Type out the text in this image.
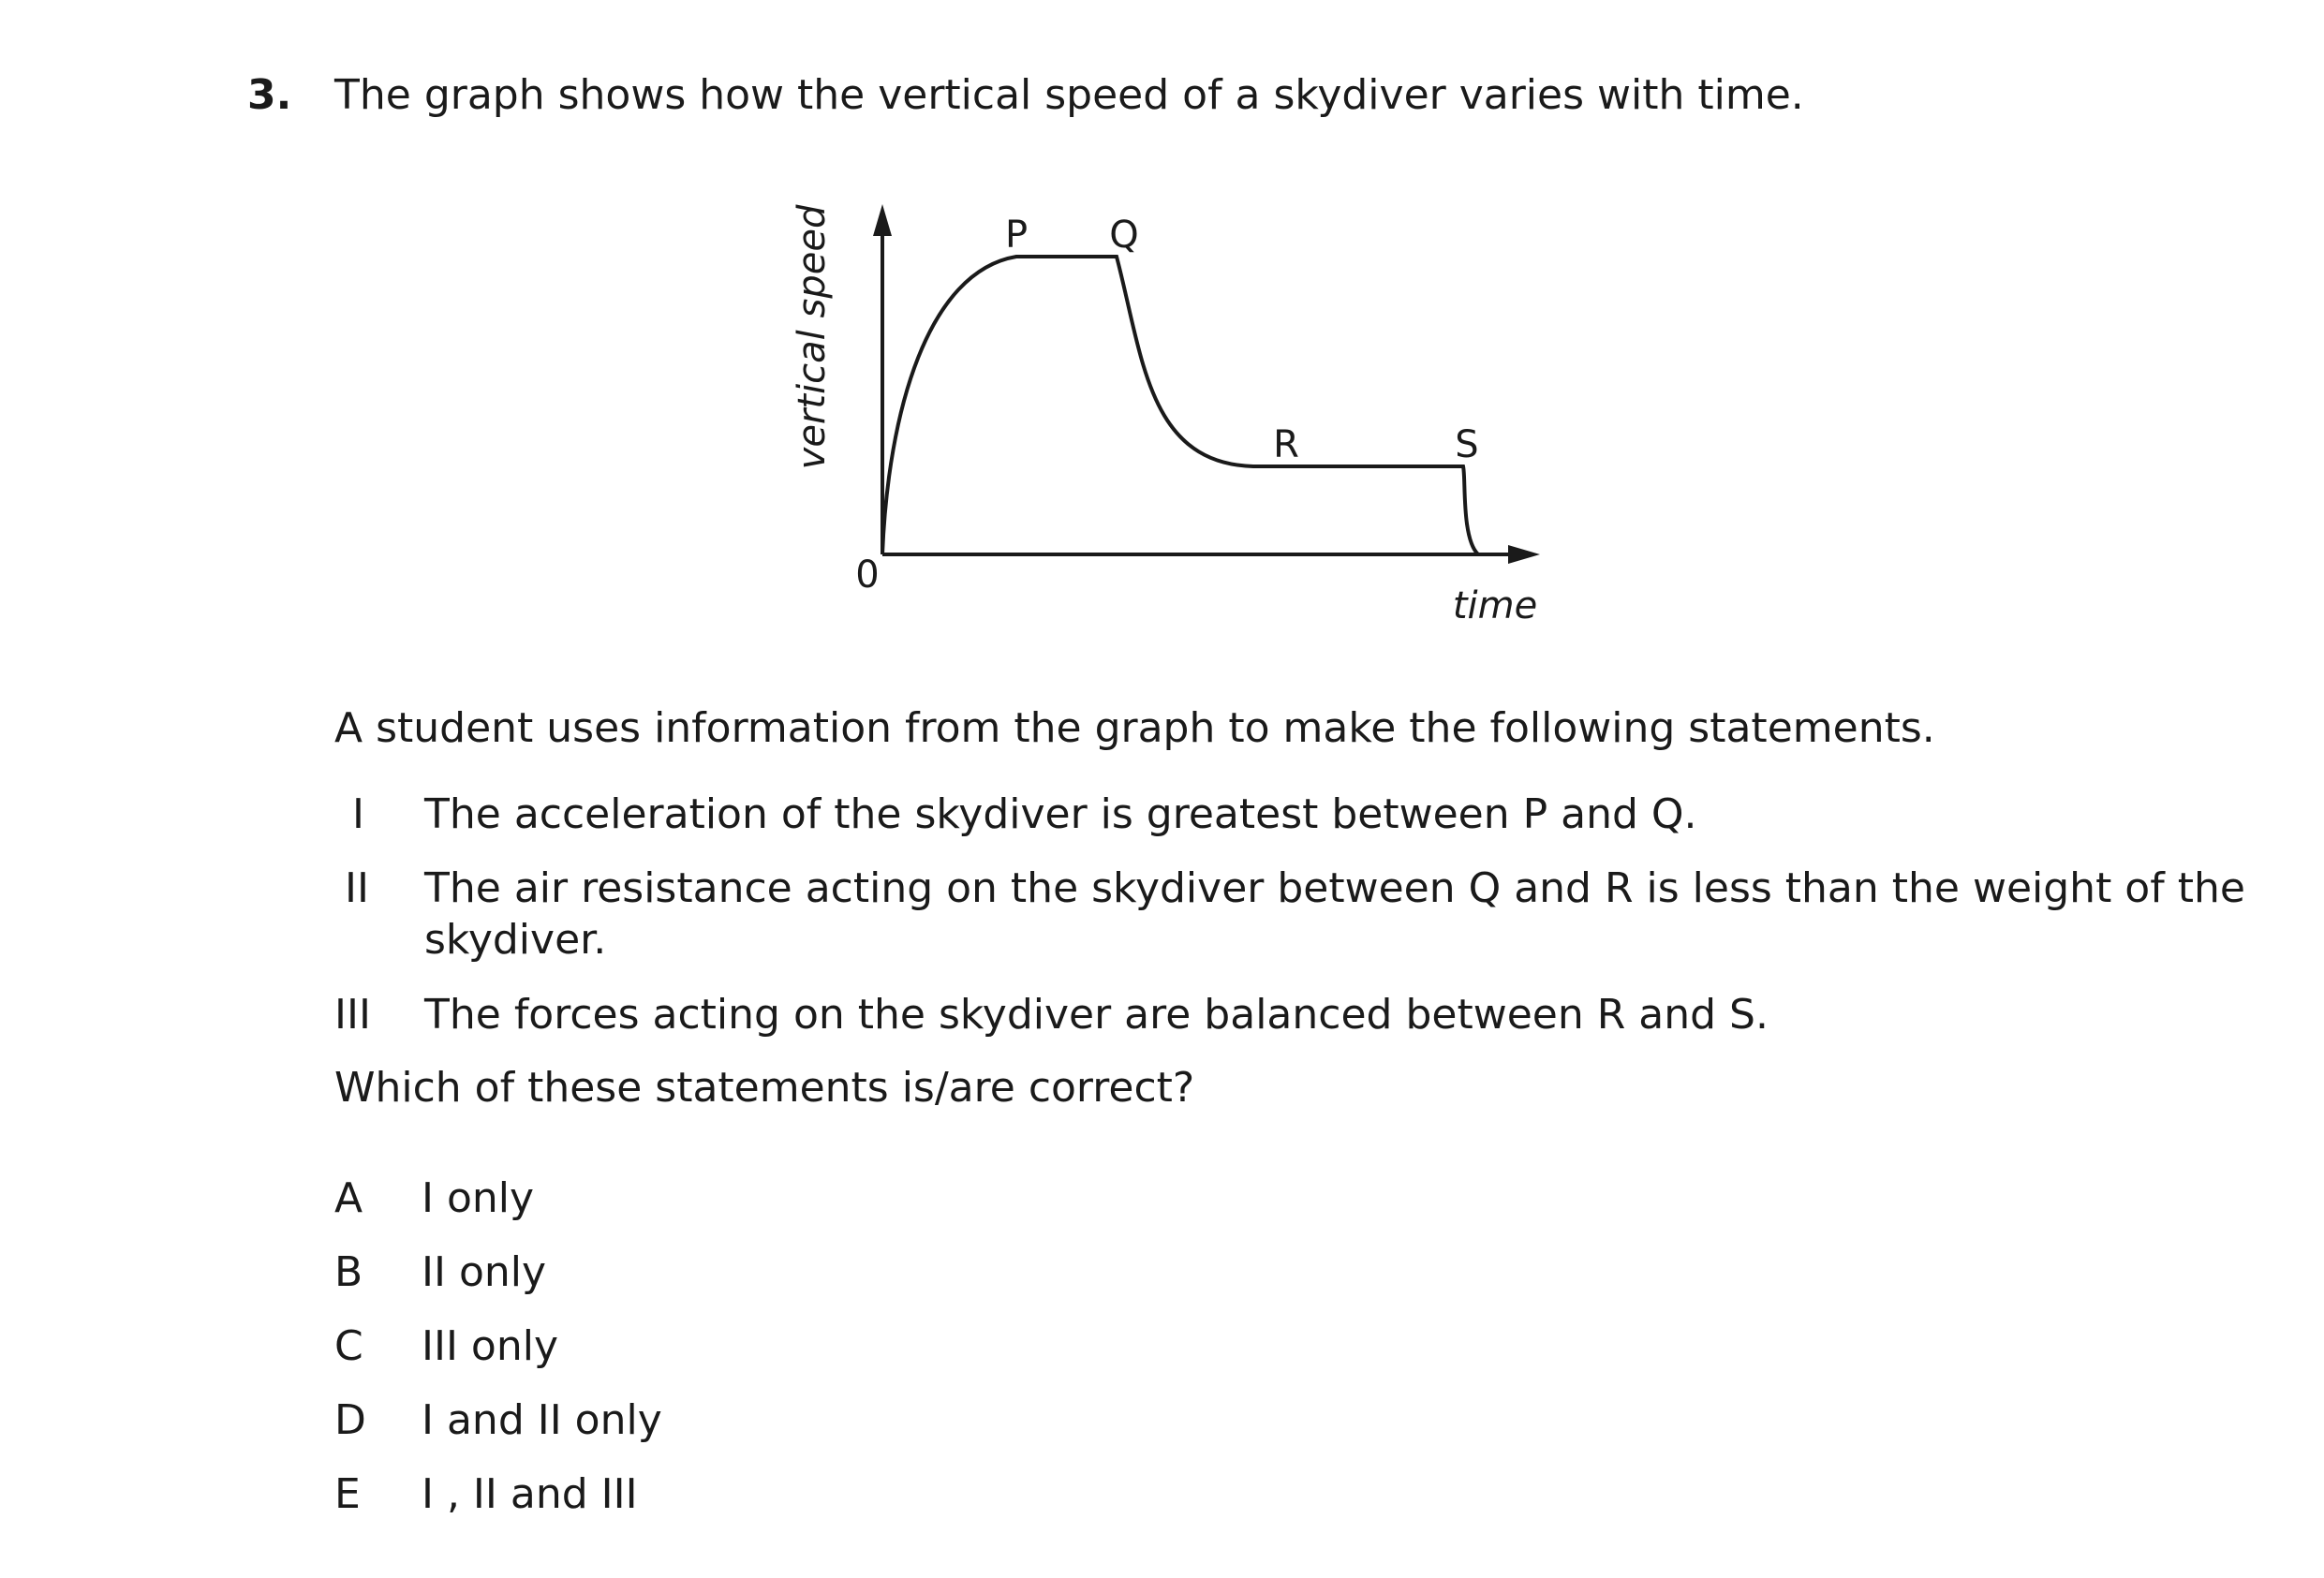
3. The graph shows how the vertical speed of a skydiver varies with time.
vertical speed
time
0
P Q
R	S
A student uses information from the graph to make the following statements.
I The acceleration of the skydiver is greatest between P and Q.
II The air resistance acting on the skydiver between Q and R is less than the weight of the
skydiver.
III The forces acting on the skydiver are balanced between R and S.
Which of these statements is/are correct?
A I only
B II only
C III only
D I and II only
E I , II and III
